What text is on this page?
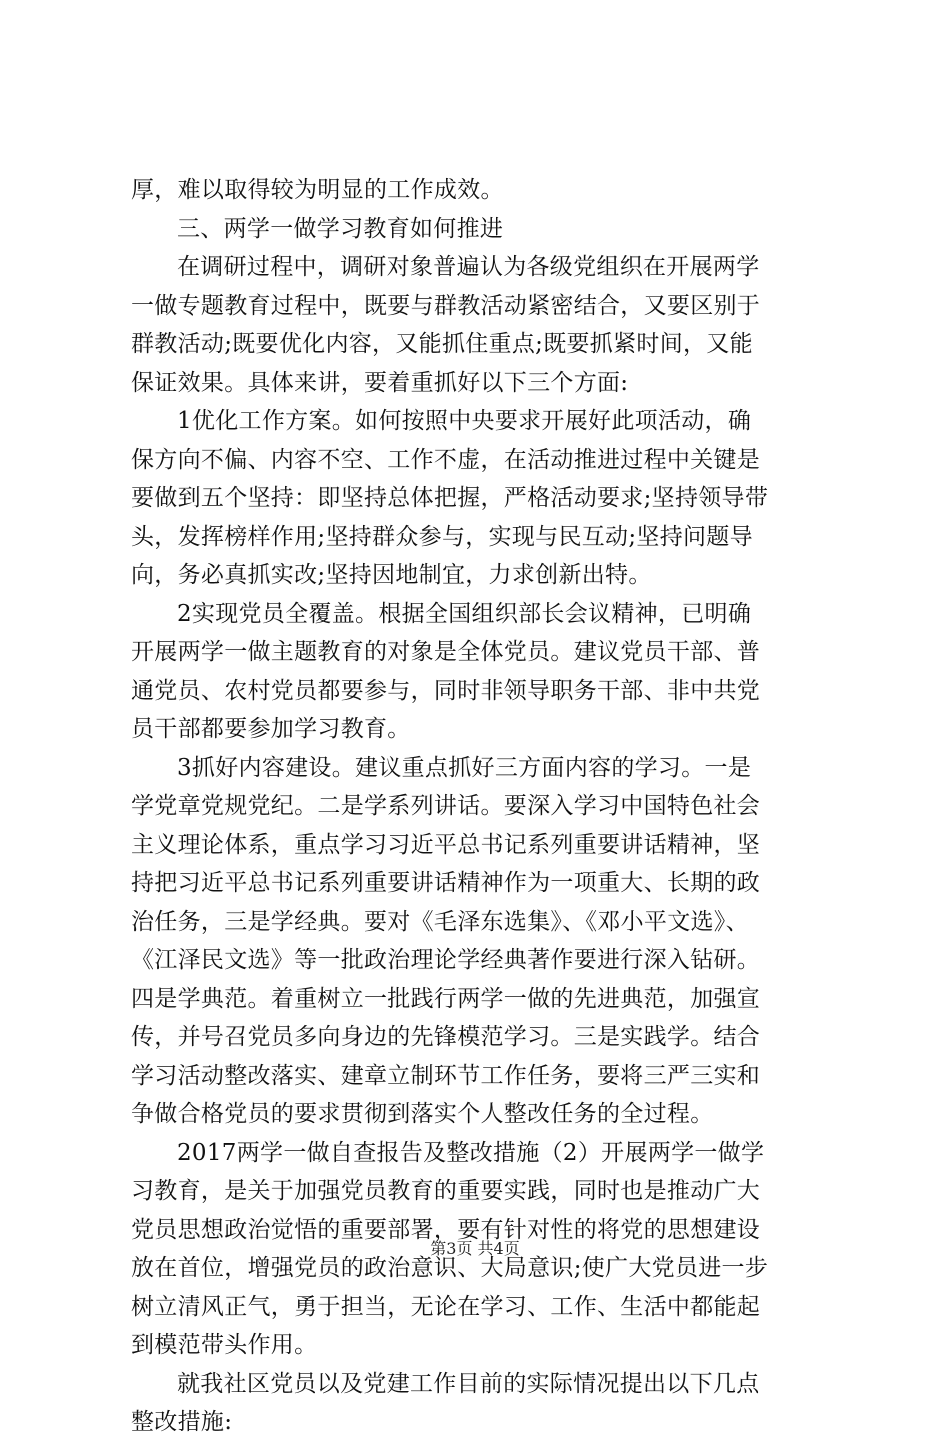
厚，难以取得较为明显的工作成效。
三、两学一做学习教育如何推进
在调研过程中，调研对象普遍认为各级党组织在开展两学
一做专题教育过程中，既要与群教活动紧密结合，又要区别于
群教活动;既要优化内容，又能抓住重点;既要抓紧时间，又能
保证效果。具体来讲，要着重抓好以下三个方面:
1优化工作方案。如何按照中央要求开展好此项活动，确
保方向不偏、内容不空、工作不虚，在活动推进过程中关键是
要做到五个坚持：即坚持总体把握，严格活动要求;坚持领导带
头，发挥榜样作用;坚持群众参与，实现与民互动;坚持问题导
向，务必真抓实改;坚持因地制宜，力求创新出特。
2实现党员全覆盖。根据全国组织部长会议精神，已明确
开展两学一做主题教育的对象是全体党员。建议党员干部、普
通党员、农村党员都要参与，同时非领导职务干部、非中共党
员干部都要参加学习教育。
3抓好内容建设。建议重点抓好三方面内容的学习。一是
学党章党规党纪。二是学系列讲话。要深入学习中国特色社会
主义理论体系，重点学习习近平总书记系列重要讲话精神，坚
持把习近平总书记系列重要讲话精神作为一项重大、长期的政
治任务，三是学经典。要对《毛泽东选集》、《邓小平文选》、
《江泽民文选》等一批政治理论学经典著作要进行深入钻研。
四是学典范。着重树立一批践行两学一做的先进典范，加强宣
传，并号召党员多向身边的先锋模范学习。三是实践学。结合
学习活动整改落实、建章立制环节工作任务，要将三严三实和
争做合格党员的要求贯彻到落实个人整改任务的全过程。
2017两学一做自查报告及整改措施（2）开展两学一做学
习教育，是关于加强党员教育的重要实践，同时也是推动广大
党员思想政治觉悟的重要部署，要有针对性的将党的思想建设
放在首位，增强党员的政治意识、大局意识;使广大党员进一步
树立清风正气，勇于担当，无论在学习、工作、生活中都能起
到模范带头作用。
就我社区党员以及党建工作目前的实际情况提出以下几点
整改措施:
第3页 共4页
